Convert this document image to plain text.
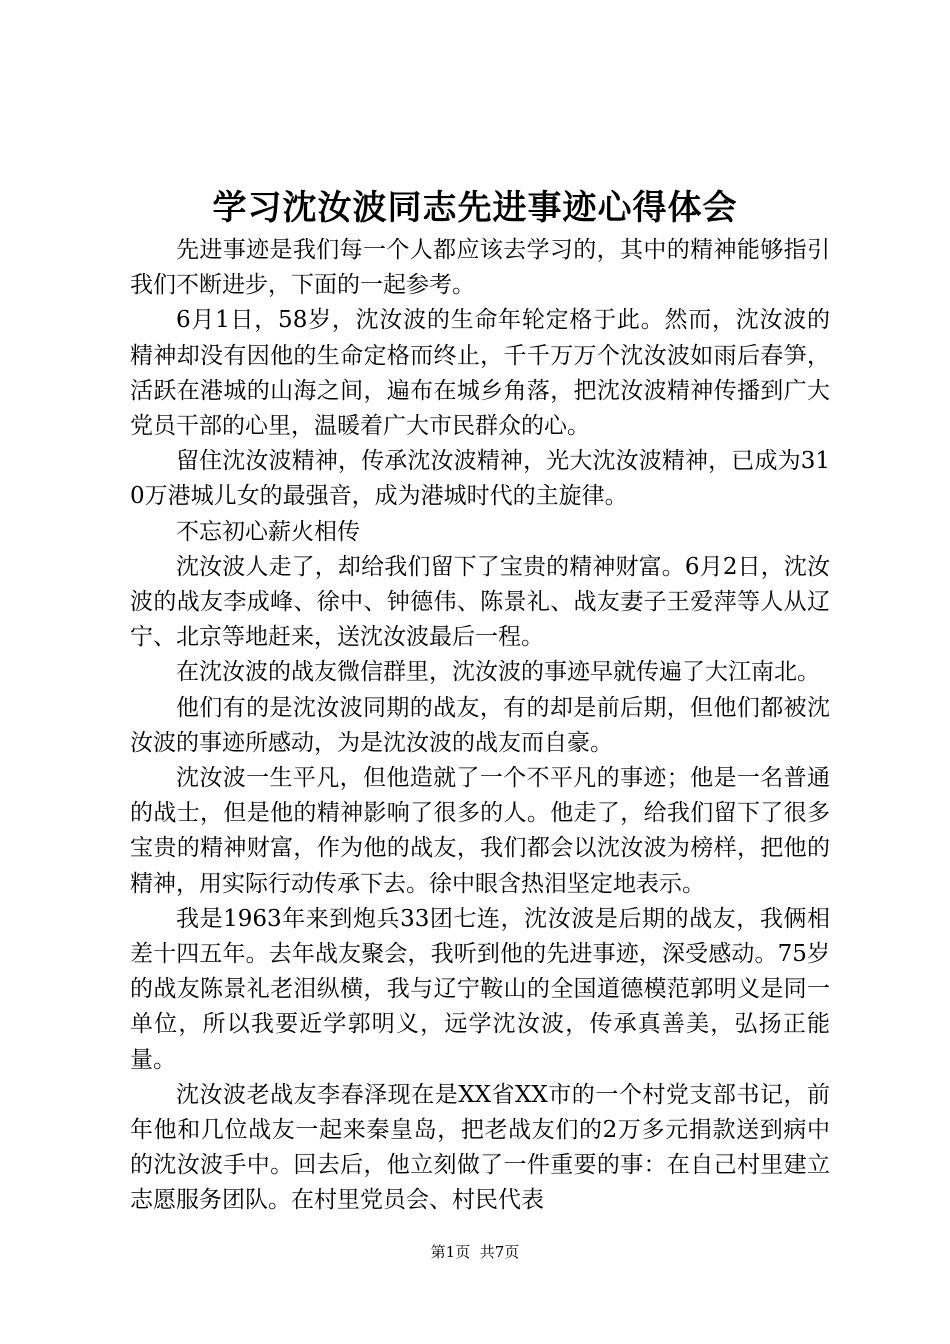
学习沈汝波同志先进事迹心得体会

先进事迹是我们每一个人都应该去学习的，其中的精神能够指引我们不断进步，下面的一起参考。

6月1日，58岁，沈汝波的生命年轮定格于此。然而，沈汝波的精神却没有因他的生命定格而终止，千千万万个沈汝波如雨后春笋，活跃在港城的山海之间，遍布在城乡角落，把沈汝波精神传播到广大党员干部的心里，温暖着广大市民群众的心。

留住沈汝波精神，传承沈汝波精神，光大沈汝波精神，已成为310万港城儿女的最强音，成为港城时代的主旋律。

不忘初心薪火相传

沈汝波人走了，却给我们留下了宝贵的精神财富。6月2日，沈汝波的战友李成峰、徐中、钟德伟、陈景礼、战友妻子王爱萍等人从辽宁、北京等地赶来，送沈汝波最后一程。

在沈汝波的战友微信群里，沈汝波的事迹早就传遍了大江南北。

他们有的是沈汝波同期的战友，有的却是前后期，但他们都被沈汝波的事迹所感动，为是沈汝波的战友而自豪。

沈汝波一生平凡，但他造就了一个不平凡的事迹；他是一名普通的战士，但是他的精神影响了很多的人。他走了，给我们留下了很多宝贵的精神财富，作为他的战友，我们都会以沈汝波为榜样，把他的精神，用实际行动传承下去。徐中眼含热泪坚定地表示。

我是1963年来到炮兵33团七连，沈汝波是后期的战友，我俩相差十四五年。去年战友聚会，我听到他的先进事迹，深受感动。75岁的战友陈景礼老泪纵横，我与辽宁鞍山的全国道德模范郭明义是同一单位，所以我要近学郭明义，远学沈汝波，传承真善美，弘扬正能量。

沈汝波老战友李春泽现在是XX省XX市的一个村党支部书记，前年他和几位战友一起来秦皇岛，把老战友们的2万多元捐款送到病中的沈汝波手中。回去后，他立刻做了一件重要的事：在自己村里建立志愿服务团队。在村里党员会、村民代表

第1页 共7页
